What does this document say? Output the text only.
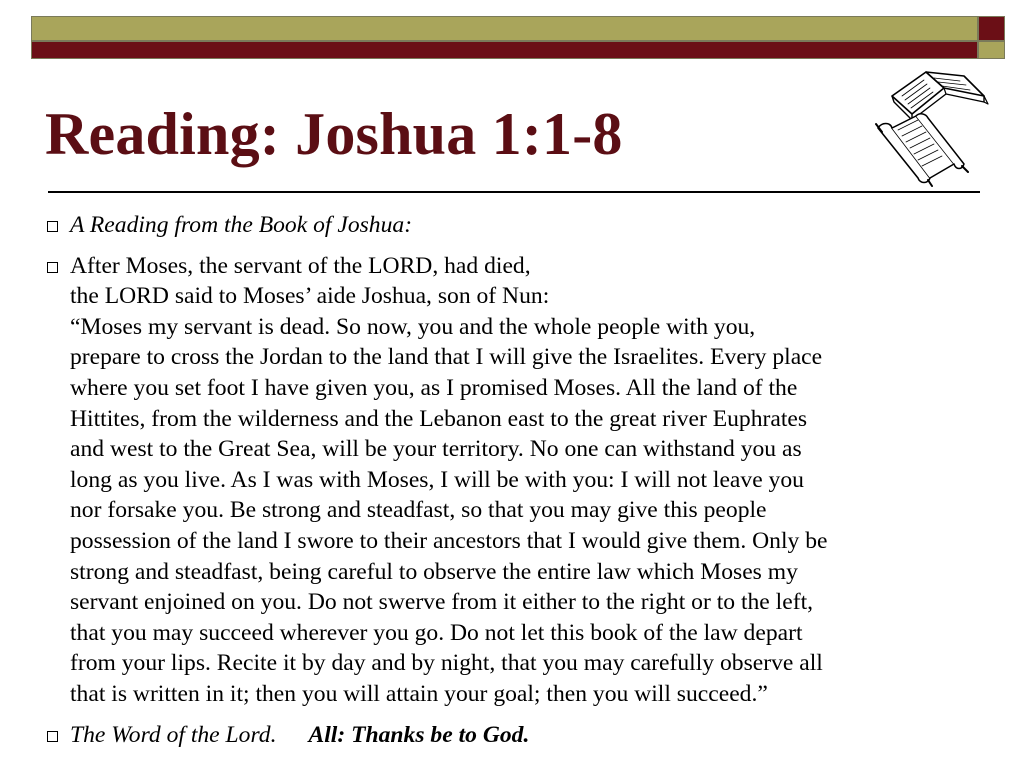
Reading: Joshua 1:1-8
A Reading from the Book of Joshua:
After Moses, the servant of the LORD, had died,
the LORD said to Moses’ aide Joshua, son of Nun:
“Moses my servant is dead. So now, you and the whole people with you,
prepare to cross the Jordan to the land that I will give the Israelites. Every place
where you set foot I have given you, as I promised Moses. All the land of the
Hittites, from the wilderness and the Lebanon east to the great river Euphrates
and west to the Great Sea, will be your territory. No one can withstand you as
long as you live. As I was with Moses, I will be with you: I will not leave you
nor forsake you. Be strong and steadfast, so that you may give this people
possession of the land I swore to their ancestors that I would give them. Only be
strong and steadfast, being careful to observe the entire law which Moses my
servant enjoined on you. Do not swerve from it either to the right or to the left,
that you may succeed wherever you go. Do not let this book of the law depart
from your lips. Recite it by day and by night, that you may carefully observe all
that is written in it; then you will attain your goal; then you will succeed.”
The Word of the Lord. All: Thanks be to God.
